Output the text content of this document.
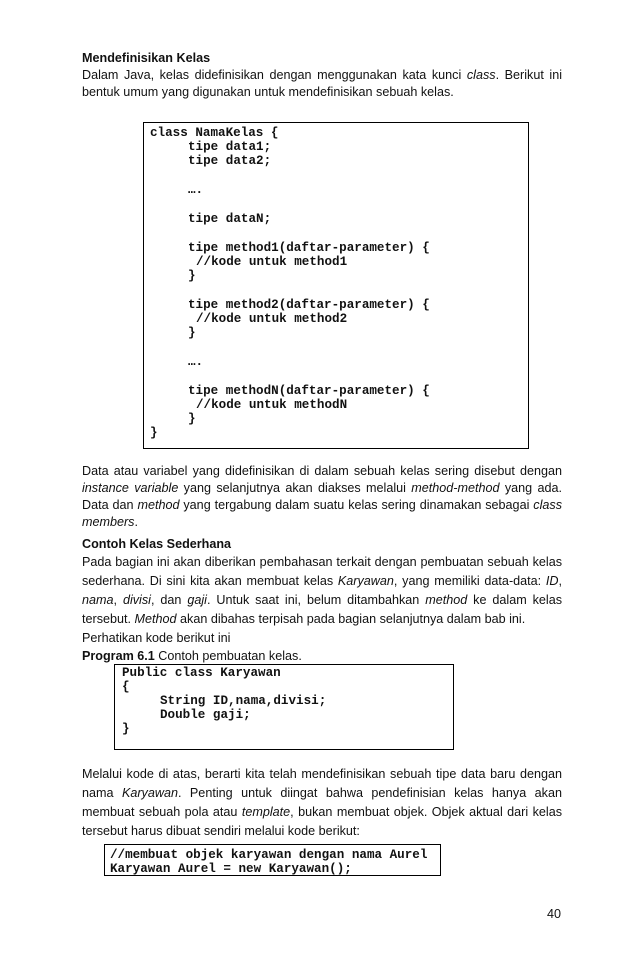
Mendefinisikan Kelas

Dalam Java, kelas didefinisikan dengan menggunakan kata kunci class. Berikut ini bentuk umum yang digunakan untuk mendefinisikan sebuah kelas.

class NamaKelas {
tipe data1;
tipe data2;
….
tipe dataN;
tipe method1(daftar-parameter) {
//kode untuk method1
}
tipe method2(daftar-parameter) {
//kode untuk method2
}
….
tipe methodN(daftar-parameter) {
//kode untuk methodN
}
}

Data atau variabel yang didefinisikan di dalam sebuah kelas sering disebut dengan instance variable yang selanjutnya akan diakses melalui method-method yang ada. Data dan method yang tergabung dalam suatu kelas sering dinamakan sebagai class members.

Contoh Kelas Sederhana

Pada bagian ini akan diberikan pembahasan terkait dengan pembuatan sebuah kelas sederhana. Di sini kita akan membuat kelas Karyawan, yang memiliki data-data: ID, nama, divisi, dan gaji. Untuk saat ini, belum ditambahkan method ke dalam kelas tersebut. Method akan dibahas terpisah pada bagian selanjutnya dalam bab ini.

Perhatikan kode berikut ini

Program 6.1 Contoh pembuatan kelas.

Public class Karyawan
{
String ID,nama,divisi;
Double gaji;
}

Melalui kode di atas, berarti kita telah mendefinisikan sebuah tipe data baru dengan nama Karyawan. Penting untuk diingat bahwa pendefinisian kelas hanya akan membuat sebuah pola atau template, bukan membuat objek. Objek aktual dari kelas tersebut harus dibuat sendiri melalui kode berikut:

//membuat objek karyawan dengan nama Aurel
Karyawan Aurel = new Karyawan();
40
